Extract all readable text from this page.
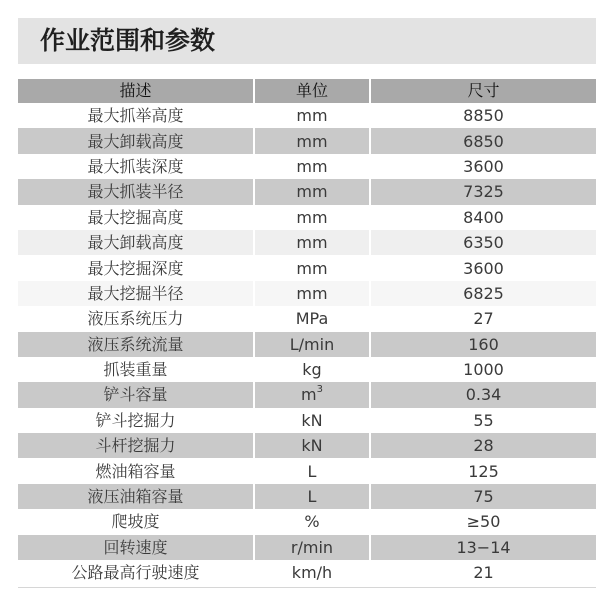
作业范围和参数
描述	单位	尺寸
最大抓举高度	mm	8850
最大卸载高度	mm	6850
最大抓装深度	mm	3600
最大抓装半径	mm	7325
最大挖掘高度	mm	8400
最大卸载高度	mm	6350
最大挖掘深度	mm	3600
最大挖掘半径	mm	6825
液压系统压力	MPa	27
液压系统流量	L/min	160
抓装重量	kg	1000
铲斗容量	$m^3$	0.34
铲斗挖掘力	kN	55
斗杆挖掘力	kN	28
燃油箱容量	L	125
液压油箱容量	L	75
爬坡度	%	≥50
回转速度	r/min	13−14
公路最高行驶速度	km/h	21
